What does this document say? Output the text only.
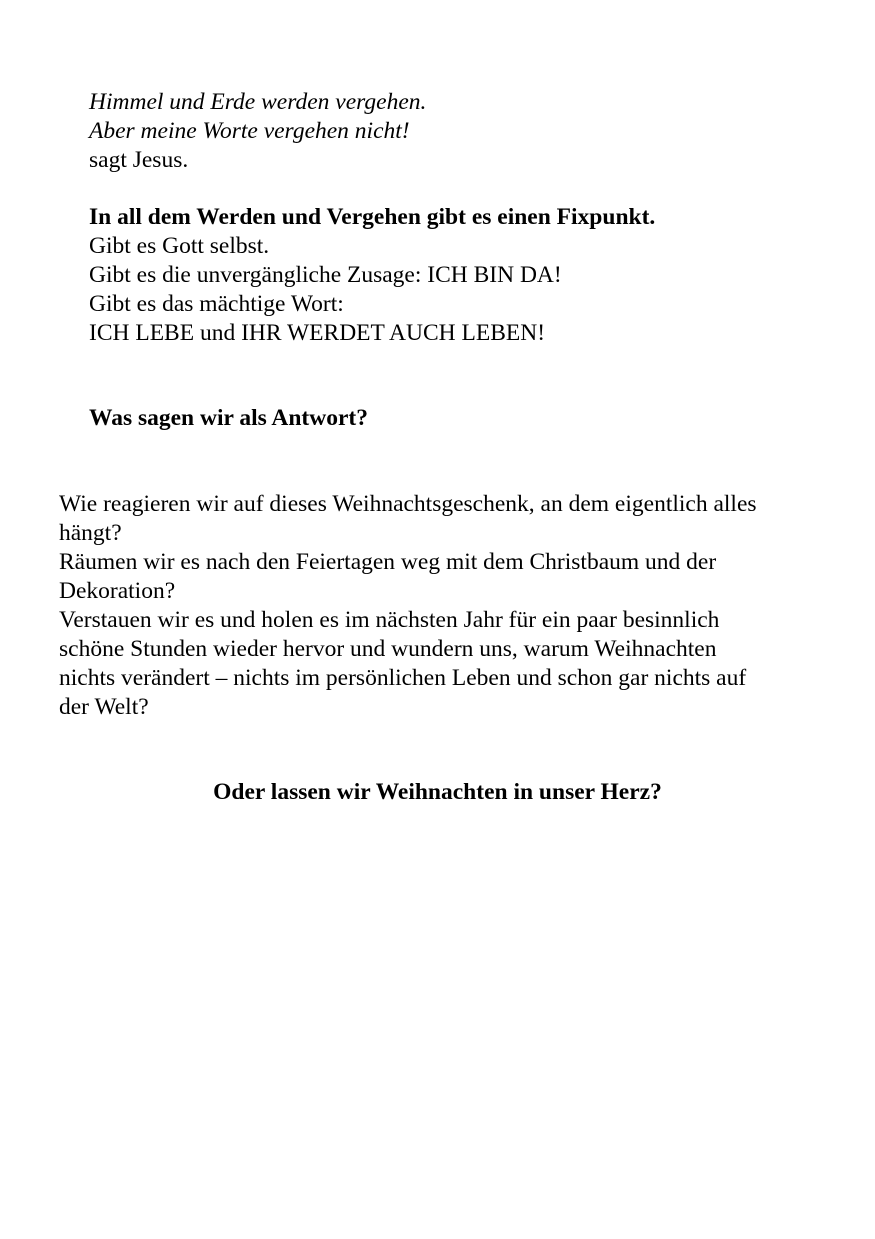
Himmel und Erde werden vergehen.
Aber meine Worte vergehen nicht!
sagt Jesus.
In all dem Werden und Vergehen gibt es einen Fixpunkt.
Gibt es Gott selbst.
Gibt es die unvergängliche Zusage: ICH BIN DA!
Gibt es das mächtige Wort:
ICH LEBE und IHR WERDET AUCH LEBEN!
Was sagen wir als Antwort?
Wie reagieren wir auf dieses Weihnachtsgeschenk, an dem eigentlich alles
hängt?
Räumen wir es nach den Feiertagen weg mit dem Christbaum und der
Dekoration?
Verstauen wir es und holen es im nächsten Jahr für ein paar besinnlich
schöne Stunden wieder hervor und wundern uns, warum Weihnachten
nichts verändert – nichts im persönlichen Leben und schon gar nichts auf
der Welt?
Oder lassen wir Weihnachten in unser Herz?
